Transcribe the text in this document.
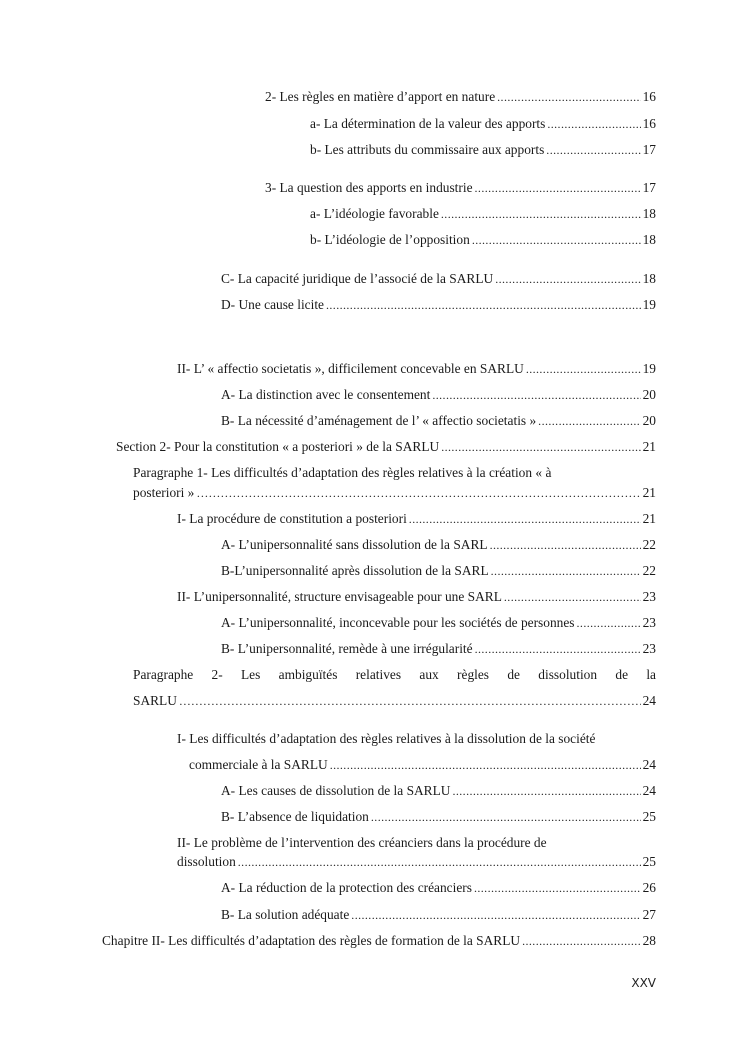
2- Les règles en matière d’apport en nature .....	16
a- La détermination de la valeur des apports .....	16
b- Les attributs du commissaire aux apports .....	17
3- La question des apports en industrie .....	17
a- L’idéologie favorable .....	18
b- L’idéologie de l’opposition .....	18
C- La capacité juridique de l’associé de la SARLU .....	18
D- Une cause licite .....	19
II- L’ « affectio societatis », difficilement concevable en SARLU .....	19
A- La distinction avec le consentement .....	20
B- La nécessité d’aménagement de l’ « affectio societatis » .....	20
Section 2- Pour la constitution « a posteriori » de la SARLU .....	21
Paragraphe 1- Les difficultés d’adaptation des règles relatives à la création « à
posteriori » ……………………………………………………………………………………………………………………………………………………………………………………	21
I- La procédure de constitution a posteriori .....	21
A- L’unipersonnalité sans dissolution de la SARL .....	22
B-L’unipersonnalité après dissolution de la SARL .....	22
II- L’unipersonnalité, structure envisageable pour une SARL .....	23
A- L’unipersonnalité, inconcevable pour les sociétés de personnes .....	23
B- L’unipersonnalité, remède à une irrégularité .....	23
Paragraphe 2- Les ambiguïtés relatives aux règles de dissolution de la
SARLU ……………………………………………………………………………………………………………………………………………………………………………………	24
I- Les difficultés d’adaptation des règles relatives à la dissolution de la société
commerciale à la SARLU .....	24
A- Les causes de dissolution de la SARLU .....	24
B- L’absence de liquidation .....	25
II- Le problème de l’intervention des créanciers dans la procédure de
dissolution .....	25
A- La réduction de la protection des créanciers .....	26
B- La solution adéquate .....	27
Chapitre II- Les difficultés d’adaptation des règles de formation de la SARLU .....	28
XXV
